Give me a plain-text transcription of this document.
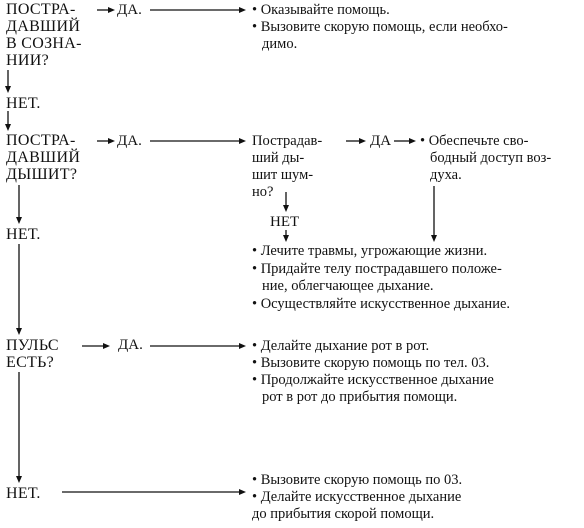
ПОСТРА-
ДАВШИЙ
В СОЗНА-
НИИ?
ДА.	• Оказывайте помощь.
• Вызовите скорую помощь, если необхо-
димо.
НЕТ.
ПОСТРА-
ДАВШИЙ
ДЫШИТ?
ДА.	Пострадав-
ший ды-
шит шум-
но?
ДА • Обеспечьте сво-
бодный доступ воз-
духа.
НЕТ
НЕТ.
• Лечите травмы, угрожающие жизни.
• Придайте телу пострадавшего положе-
ние, облегчающее дыхание.
• Осуществляйте искусственное дыхание.
ПУЛЬС
ЕСТЬ?
ДА.	• Делайте дыхание рот в рот.
• Вызовите скорую помощь по тел. 03.
• Продолжайте искусственное дыхание
рот в рот до прибытия помощи.
НЕТ.
• Вызовите скорую помощь по 03.
• Делайте искусственное дыхание
до прибытия скорой помощи.
